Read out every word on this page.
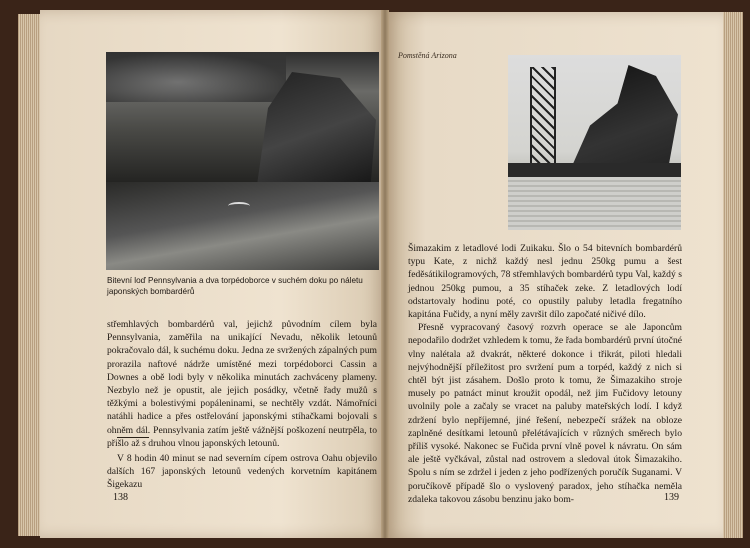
Bitevní loď Pennsylvania a dva torpédoborce v suchém doku po náletu japonských bombardérů

střemhlavých bombardérů val, jejichž původním cílem byla Pennsylvania, zaměřila na unikající Nevadu, několik letounů pokračovalo dál, k suchému doku. Jedna ze svržených zápalných pum prorazila naftové nádrže umístěné mezi torpédoborci Cassin a Downes a obě lodi byly v několika minutách zachváceny plameny. Nezbylo než je opustit, ale jejich posádky, včetně řady mužů s těžkými a bolestivými popáleninami, se nechtěly vzdát. Námořníci natáhli hadice a přes ostřelování japonskými stíhačkami bojovali s ohněm dál. Pennsylvania zatím ještě vážnější poškození neutrpěla, to přišlo až s druhou vlnou japonských letounů.

V 8 hodin 40 minut se nad severním cípem ostrova Oahu objevilo dalších 167 japonských letounů vedených korvetním kapitánem Šigekazu

138
Pomstěná Arizona

Šimazakim z letadlové lodi Zuikaku. Šlo o 54 bitevních bombardérů typu Kate, z nichž každý nesl jednu 250kg pumu a šest feděsátikilogramových, 78 střemhlavých bombardérů typu Val, každý s jednou 250kg pumou, a 35 stíhaček zeke. Z letadlových lodí odstartovaly hodinu poté, co opustily paluby letadla fregatního kapitána Fučidy, a nyní měly završit dílo započaté ničivé dílo.

Přesně vypracovaný časový rozvrh operace se ale Japoncům nepodařilo dodržet vzhledem k tomu, že řada bombardérů první útočné vlny nalétala až dvakrát, některé dokonce i třikrát, piloti hledali nejvýhodnější příležitost pro svržení pum a torpéd, každý z nich si chtěl být jist zásahem. Došlo proto k tomu, že Šimazakiho stroje musely po patnáct minut kroužit opodál, než jim Fučidovy letouny uvolnily pole a začaly se vracet na paluby mateřských lodí. I když zdržení bylo nepříjemné, jiné řešení, nebezpečí srážek na obloze zaplněné desítkami letounů přelétávajících v různých směrech bylo příliš vysoké. Nakonec se Fučida první vlně povel k návratu. On sám ale ještě vyčkával, zůstal nad ostrovem a sledoval útok Šimazakiho. Spolu s ním se zdržel i jeden z jeho podřízených poručík Suganami. V poručíkově případě šlo o vyslovený paradox, jeho stíhačka neměla zdaleka takovou zásobu benzinu jako bom-	139
